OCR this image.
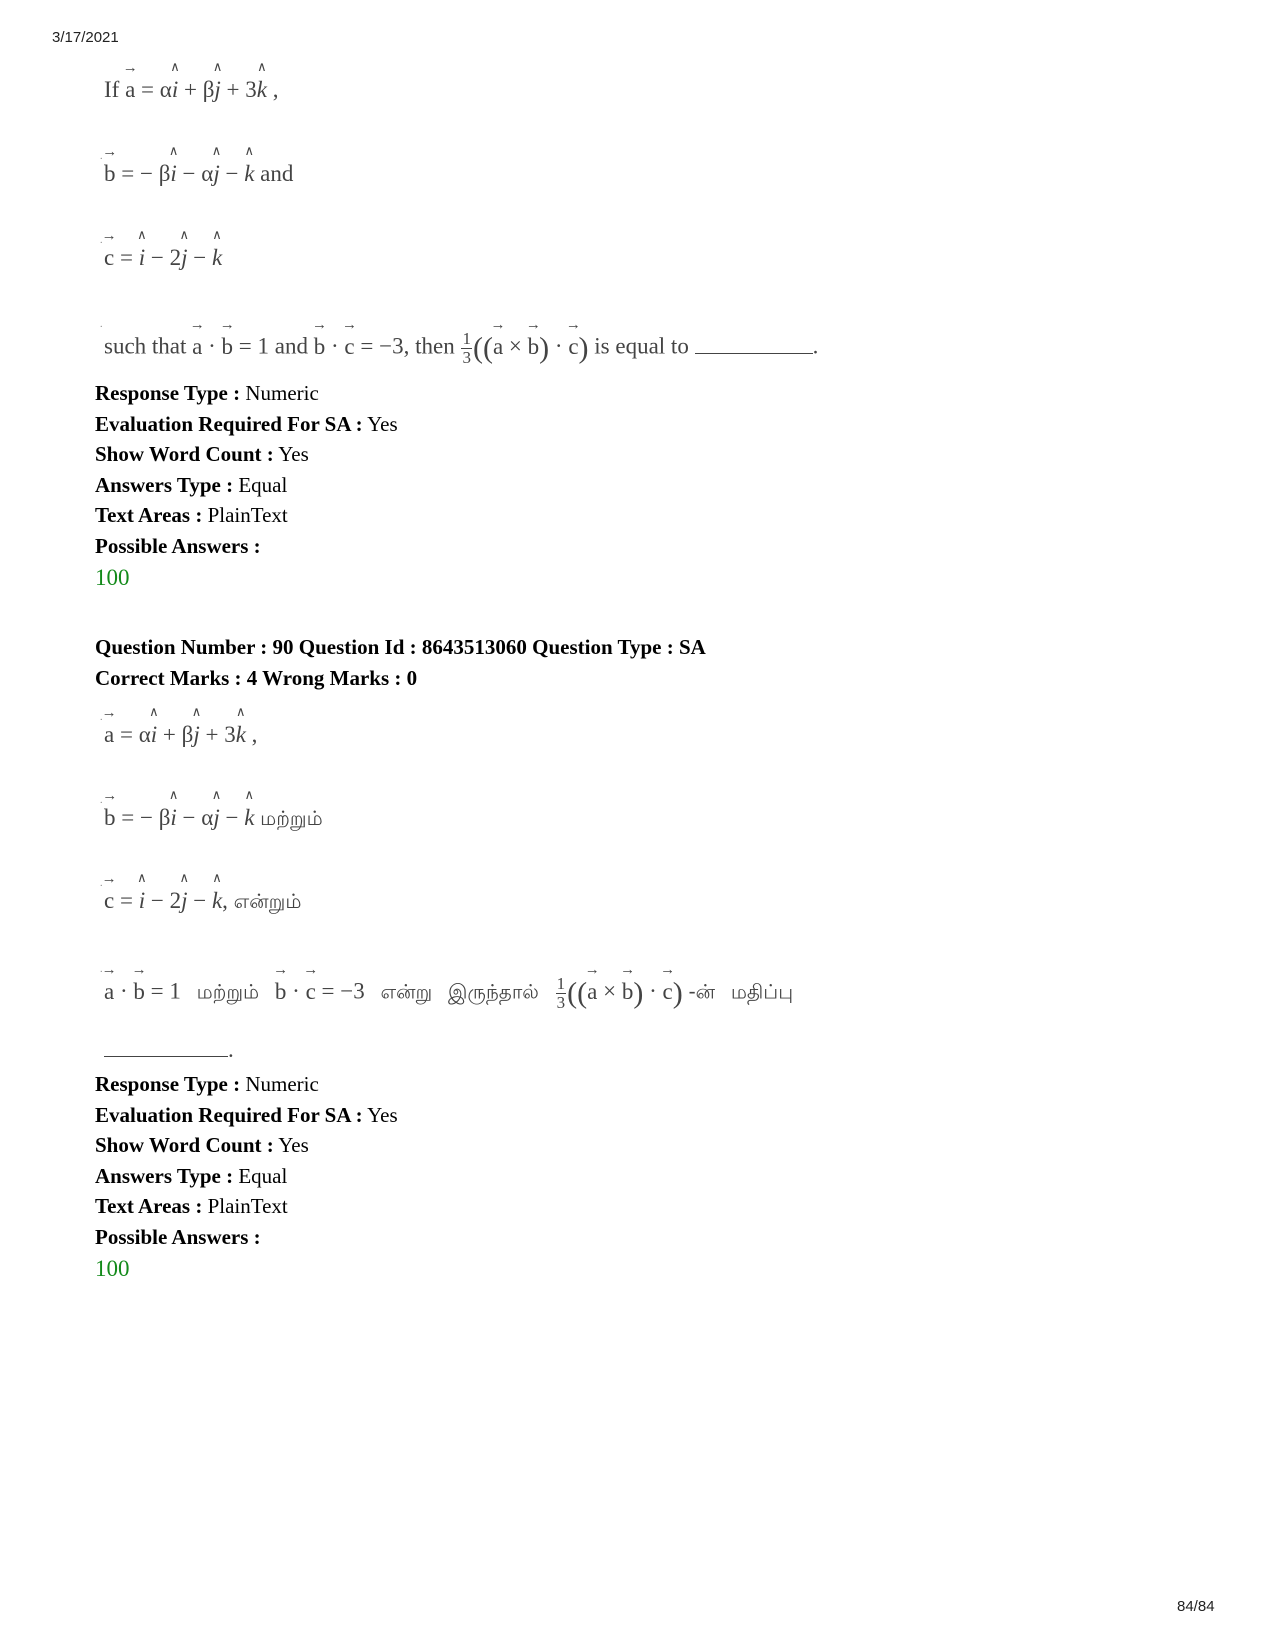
3/17/2021
If → a = α∧ i + β∧ j + 3∧ k ,
.
→ b = − β∧ i − α∧ j − ∧ k and
.
→ c = ∧ i − 2∧ j − ∧ k
.
such that → a · → b = 1 and → b · → c = −3, then $\frac{1}{3}$ ((→ a × → b) · → c) is equal to	.
Response Type : Numeric
Evaluation Required For SA : Yes
Show Word Count : Yes
Answers Type : Equal
Text Areas : PlainText
Possible Answers :
100
Question Number : 90 Question Id : 8643513060 Question Type : SA
Correct Marks : 4 Wrong Marks : 0
.
→ a = α∧ i + β∧ j + 3∧ k ,
.
→ b = − β∧ i − α∧ j − ∧ k மற்றும்
.
→ c = ∧ i − 2∧ j − ∧ k, என்றும்
.
→ a · → b = 1 மற்றும் → b · → c = −3 என்று இருந்தால் $\frac{1}{3}$ ((→ a × → b) · → c) -ன் மதிப்பு
.
Response Type : Numeric
Evaluation Required For SA : Yes
Show Word Count : Yes
Answers Type : Equal
Text Areas : PlainText
Possible Answers :
100
84/84
